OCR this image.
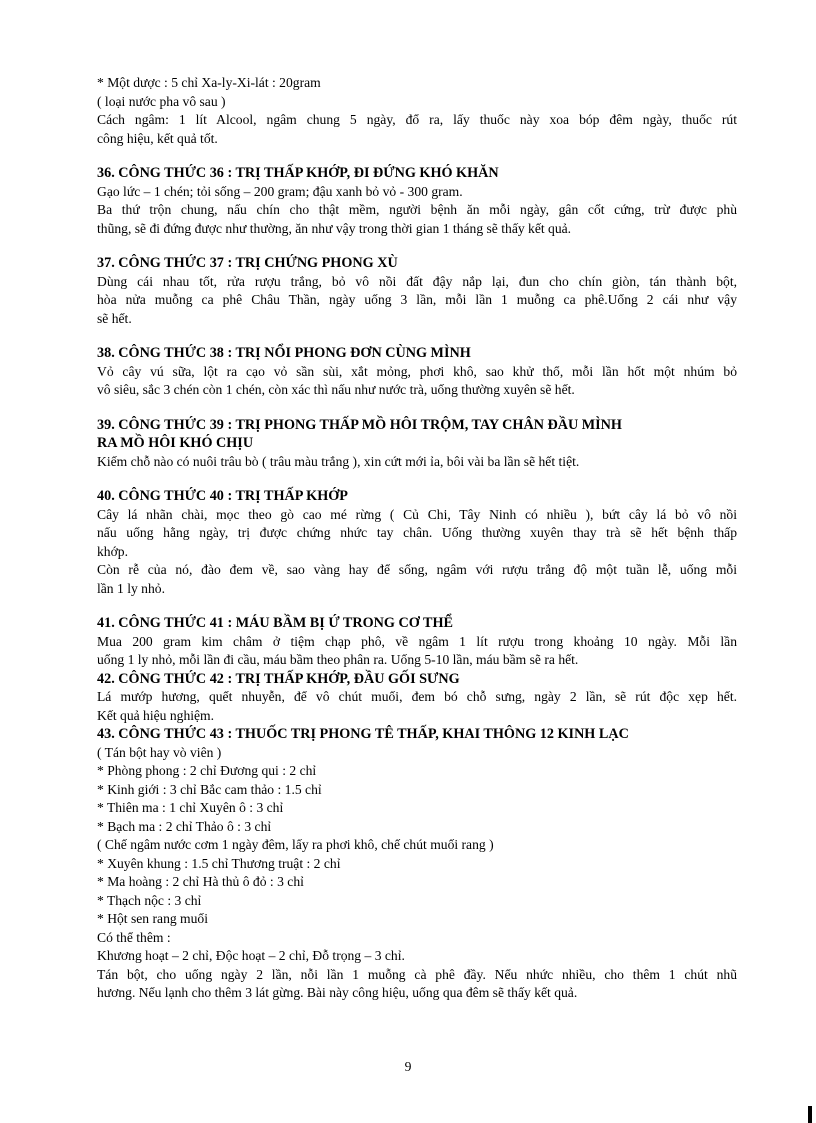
* Một dược : 5 chỉ Xa-ly-Xi-lát : 20gram
( loại nước pha vô sau )
Cách ngâm: 1 lít Alcool, ngâm chung 5 ngày, đổ ra, lấy thuốc này xoa bóp đêm ngày, thuốc rút
công hiệu, kết quả tốt.
36. CÔNG THỨC 36 : TRỊ THẤP KHỚP, ĐI ĐỨNG KHÓ KHĂN
Gạo lức – 1 chén; tỏi sống – 200 gram; đậu xanh bỏ vỏ - 300 gram.
Ba thứ trộn chung, nấu chín cho thật mềm, người bệnh ăn mỗi ngày, gân cốt cứng, trừ được phù
thũng, sẽ đi đứng được như thường, ăn như vậy trong thời gian 1 tháng sẽ thấy kết quả.
37. CÔNG THỨC 37 : TRỊ CHỨNG PHONG XÙ
Dùng cái nhau tốt, rửa rượu trắng, bỏ vô nồi đất đậy nắp lại, đun cho chín giòn, tán thành bột,
hòa nửa muỗng ca phê Châu Thần, ngày uống 3 lần, mỗi lần 1 muỗng ca phê.Uống 2 cái như vậy
sẽ hết.
38. CÔNG THỨC 38 : TRỊ NỔI PHONG ĐƠN CÙNG MÌNH
Vỏ cây vú sữa, lột ra cạo vỏ sần sùi, xắt mỏng, phơi khô, sao khử thổ, mỗi lần hốt một nhúm bỏ
vô siêu, sắc 3 chén còn 1 chén, còn xác thì nấu như nước trà, uống thường xuyên sẽ hết.
39. CÔNG THỨC 39 : TRỊ PHONG THẤP MỒ HÔI TRỘM, TAY CHÂN ĐẦU MÌNH
RA MỒ HÔI KHÓ CHỊU
Kiếm chỗ nào có nuôi trâu bò ( trâu màu trắng ), xin cứt mới ỉa, bôi vài ba lần sẽ hết tiệt.
40. CÔNG THỨC 40 : TRỊ THẤP KHỚP
Cây lá nhãn chài, mọc theo gò cao mé rừng ( Củ Chi, Tây Ninh có nhiều ), bứt cây lá bỏ vô nồi
nấu uống hằng ngày, trị được chứng nhức tay chân. Uống thường xuyên thay trà sẽ hết bệnh thấp
khớp.
Còn rễ của nó, đào đem về, sao vàng hay để sống, ngâm với rượu trắng độ một tuần lễ, uống mỗi
lần 1 ly nhỏ.
41. CÔNG THỨC 41 : MÁU BẦM BỊ Ứ TRONG CƠ THỂ
Mua 200 gram kim châm ở tiệm chạp phô, về ngâm 1 lít rượu trong khoảng 10 ngày. Mỗi lần
uống 1 ly nhỏ, mỗi lần đi cầu, máu bầm theo phân ra. Uống 5-10 lần, máu bầm sẽ ra hết.
42. CÔNG THỨC 42 : TRỊ THẤP KHỚP, ĐẦU GỐI SƯNG
Lá mướp hương, quết nhuyễn, để vô chút muối, đem bó chỗ sưng, ngày 2 lần, sẽ rút độc xẹp hết.
Kết quả hiệu nghiệm.
43. CÔNG THỨC 43 : THUỐC TRỊ PHONG TÊ THẤP, KHAI THÔNG 12 KINH LẠC
( Tán bột hay vò viên )
* Phòng phong : 2 chỉ Đương qui : 2 chỉ
* Kinh giới : 3 chỉ Bắc cam thảo : 1.5 chỉ
* Thiên ma : 1 chỉ Xuyên ô : 3 chỉ
* Bạch ma : 2 chỉ Thảo ô : 3 chỉ
( Chế ngâm nước cơm 1 ngày đêm, lấy ra phơi khô, chế chút muối rang )
* Xuyên khung : 1.5 chỉ Thương truật : 2 chỉ
* Ma hoàng : 2 chỉ Hà thủ ô đỏ : 3 chỉ
* Thạch nộc : 3 chỉ
* Hột sen rang muối
Có thể thêm :
Khương hoạt – 2 chỉ, Độc hoạt – 2 chỉ, Đỗ trọng – 3 chỉ.
Tán bột, cho uống ngày 2 lần, nỗi lần 1 muỗng cà phê đầy. Nếu nhức nhiều, cho thêm 1 chút nhũ
hương. Nếu lạnh cho thêm 3 lát gừng. Bài này công hiệu, uống qua đêm sẽ thấy kết quả.
9
